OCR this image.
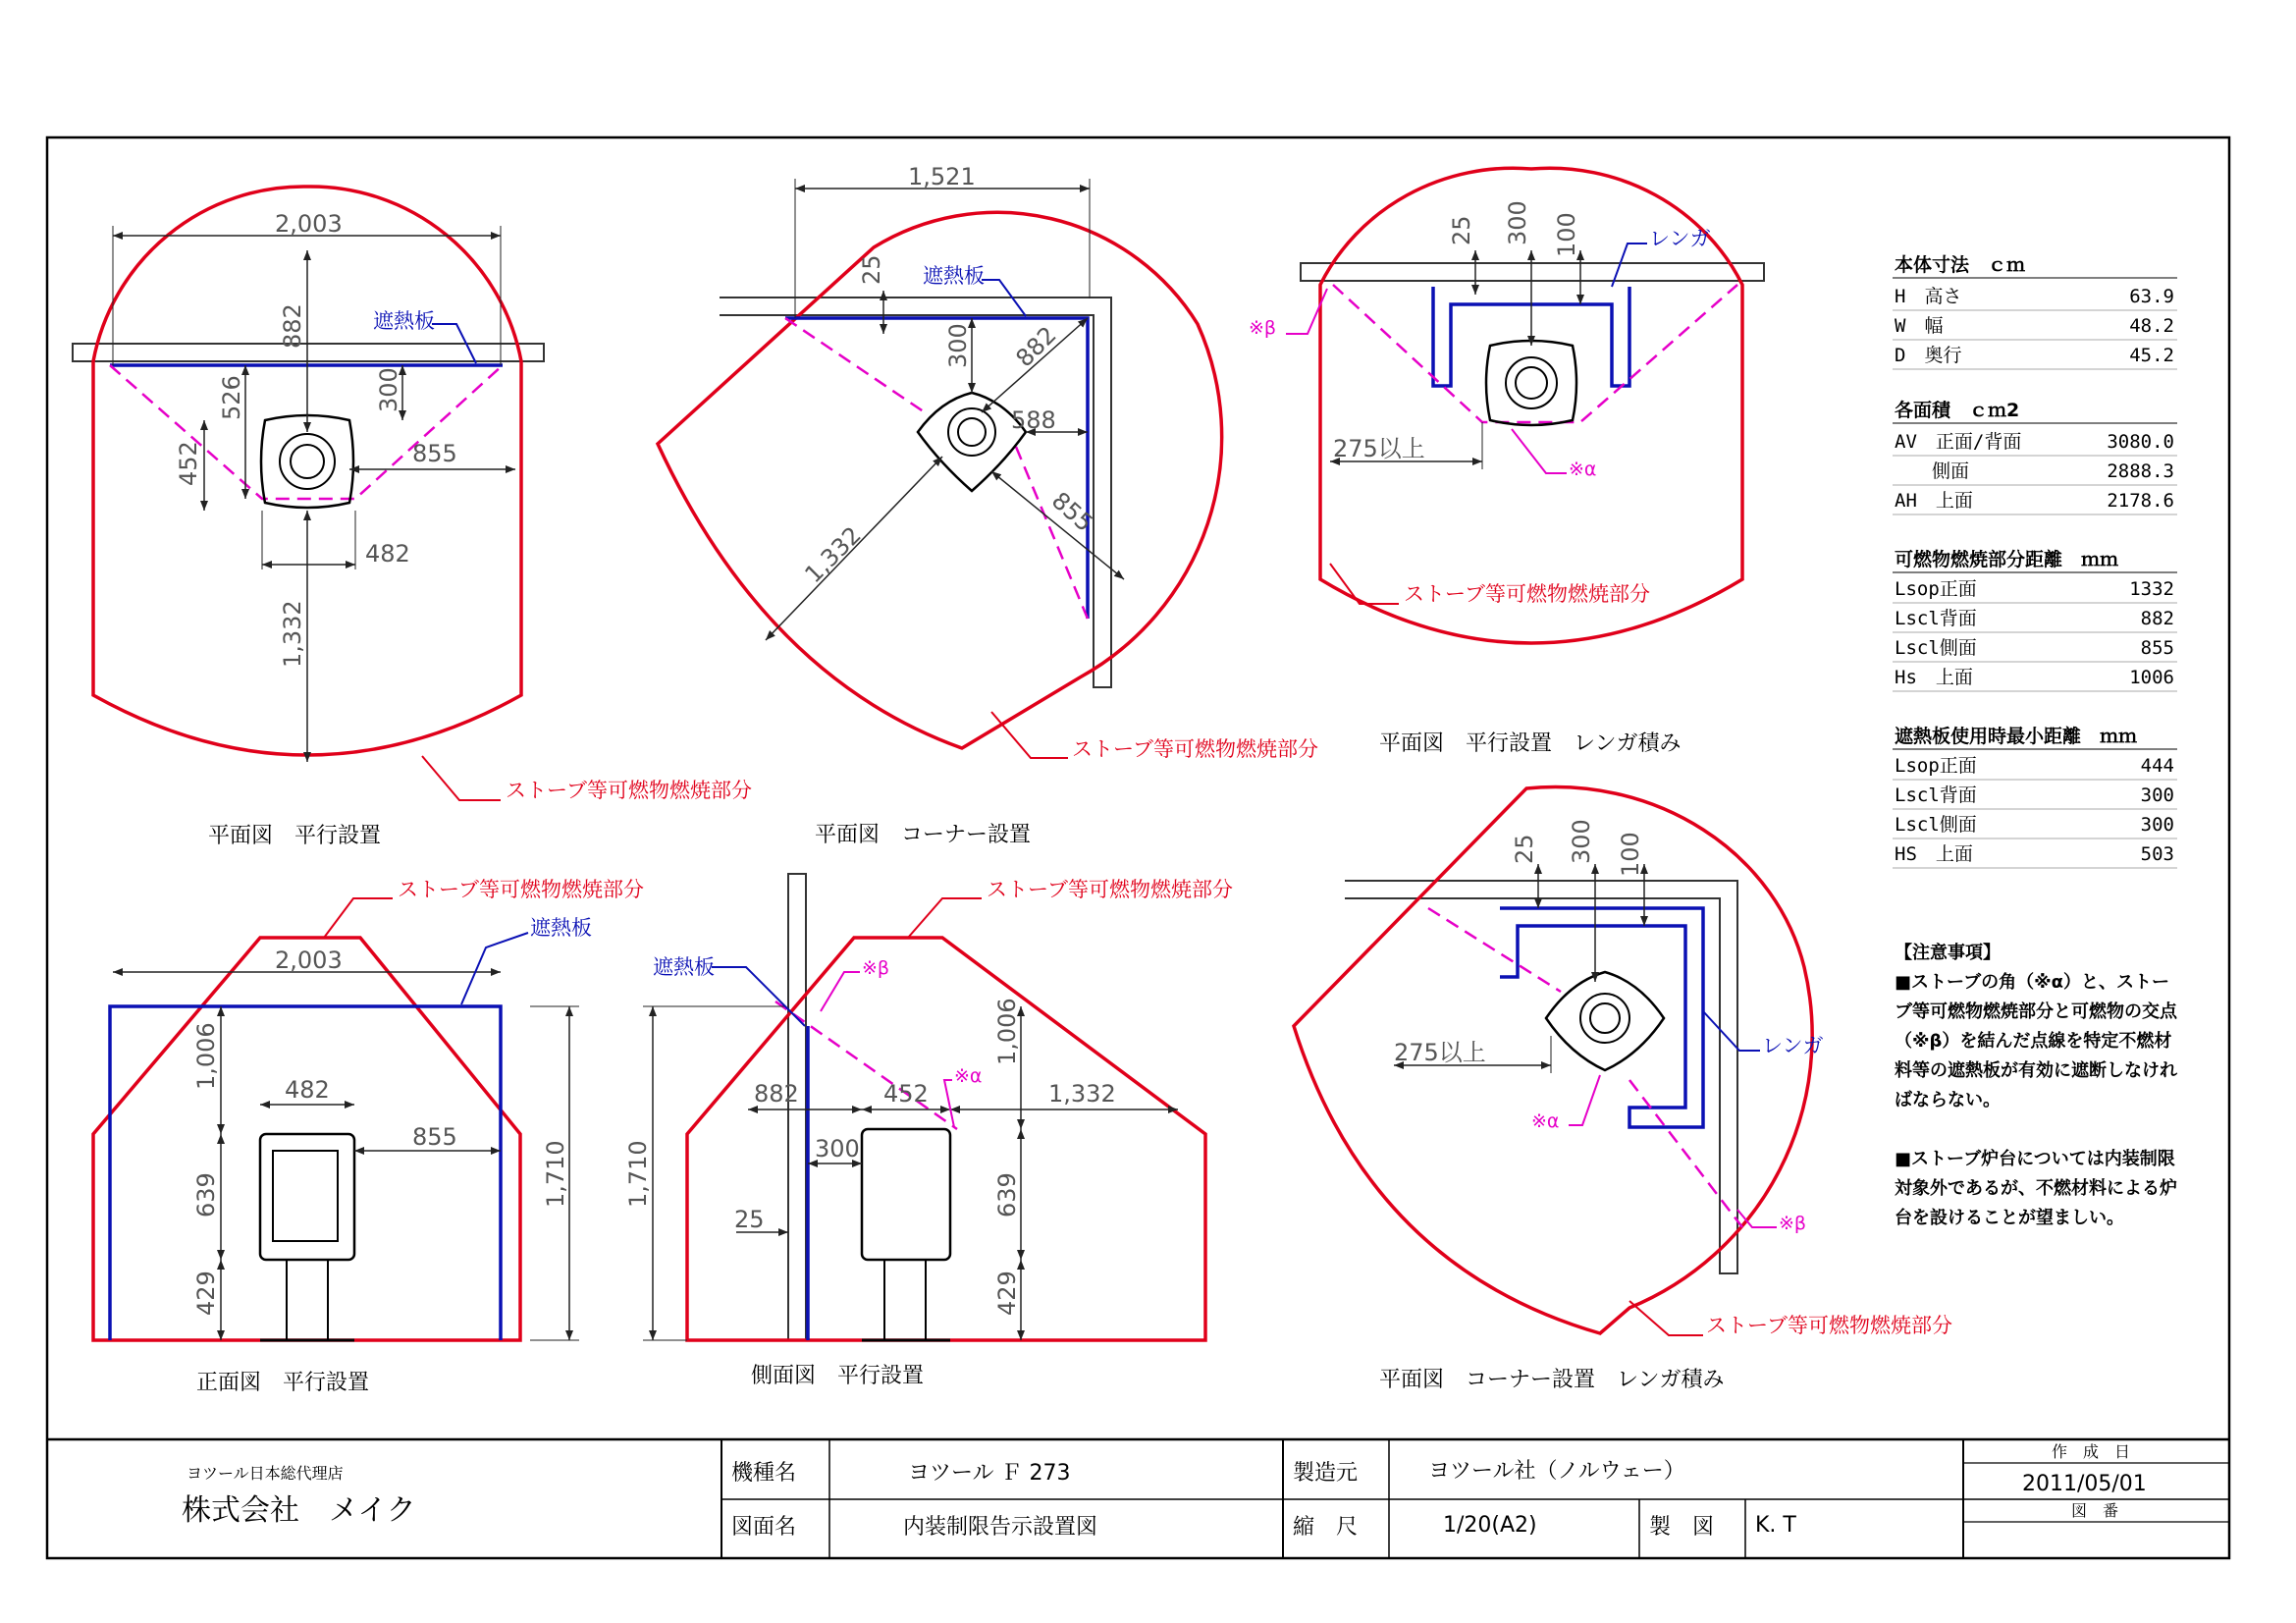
2,003
882
526	300
452	855
482
1,332
遮熱板
ストーブ等可燃物燃焼部分
平面図　平行設置
1,521
25
300 882
588
1,332
855
遮熱板
ストーブ等可燃物燃焼部分
平面図　コーナー設置
25 300 100
275以上
レンガ
※β
※α
ストーブ等可燃物燃焼部分
平面図　平行設置　レンガ積み
2,003
1,006	482
855
639
429
1,710
ストーブ等可燃物燃焼部分
遮熱板
正面図　平行設置
882	452	1,332
1,006
300
25
639
429
1,710
ストーブ等可燃物燃焼部分
遮熱板	※β
※α
側面図　平行設置
25 300 100
275以上	レンガ
※α
※β
ストーブ等可燃物燃焼部分
平面図　コーナー設置　レンガ積み
本体寸法　ｃｍ
H　高さ	63.9
W　幅	48.2
D　奥行	45.2
各面積　ｃｍ2
AV　正面/背面	3080.0
　　側面	2888.3
AH　上面	2178.6
可燃物燃焼部分距離　ｍｍ
Lsop正面	1332
Lscl背面	882
Lscl側面	855
Hs　上面	1006
遮熱板使用時最小距離　ｍｍ
Lsop正面	444
Lscl背面	300
Lscl側面	300
HS　上面	503
【注意事項】
■ストーブの角（※α）と、ストー
ブ等可燃物燃焼部分と可燃物の交点
（※β）を結んだ点線を特定不燃材
料等の遮熱板が有効に遮断しなけれ
ばならない。
■ストーブ炉台については内装制限
対象外であるが、不燃材料による炉
台を設けることが望ましい。
ヨツール日本総代理店
株式会社　メイク
機種名	ヨツール Ｆ 273	製造元	ヨツール社（ノルウェー）
作　成　日
2011/05/01
図面名	内装制限告示設置図	縮　尺	1/20(A2)	製　図 K. T
図　番
